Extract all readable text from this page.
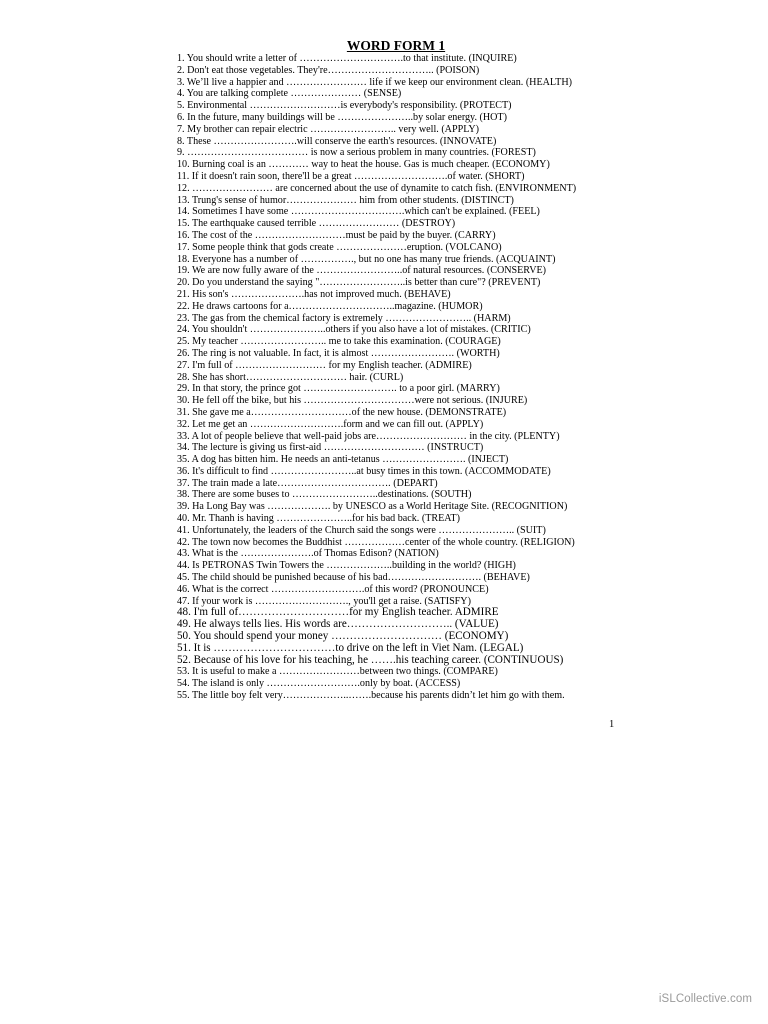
WORD FORM 1
1. You should write a letter of ………………………….to that institute. (INQUIRE)
2. Don't eat those vegetables. They're………………………….. (POISON)
3. We’ll live a happier and …………………… life if we keep our environment clean. (HEALTH)
4. You are talking complete ………………… (SENSE)
5. Environmental ………………………is everybody's responsibility. (PROTECT)
6. In the future, many buildings will be …………………..by solar energy. (HOT)
7. My brother can repair electric …………………….. very well. (APPLY)
8. These …………………….will conserve the earth's resources. (INNOVATE)
9. ……………………………… is now a serious problem in many countries. (FOREST)
10. Burning coal is an ………… way to heat the house. Gas is much cheaper. (ECONOMY)
11. If it doesn't rain soon, there'll be a great ……………………….of water. (SHORT)
12. …………………… are concerned about the use of dynamite to catch fish. (ENVIRONMENT)
13. Trung's sense of humor………………… him from other students. (DISTINCT)
14. Sometimes I have some …………………………….which can't be explained. (FEEL)
15. The earthquake caused terrible …………………… (DESTROY)
16. The cost of the ………………………must be paid by the buyer. (CARRY)
17. Some people think that gods create …………………eruption. (VOLCANO)
18. Everyone has a number of ……………., but no one has many true friends. (ACQUAINT)
19. We are now fully aware of the ……………………..of natural resources. (CONSERVE)
20. Do you understand the saying "……………………..is better than cure"? (PREVENT)
21. His son's ………………….has not improved much. (BEHAVE)
22. He draws cartoons for a…………………………..magazine. (HUMOR)
23. The gas from the chemical factory is extremely …………………….. (HARM)
24. You shouldn't …………………..others if you also have a lot of mistakes. (CRITIC)
25. My teacher …………………….. me to take this examination. (COURAGE)
26. The ring is not valuable. In fact, it is almost ……………………. (WORTH)
27. I'm full of ……………………… for my English teacher. (ADMIRE)
28. She has short………………………… hair. (CURL)
29. In that story, the prince got ………………………. to a poor girl. (MARRY)
30. He fell off the bike, but his ……………………………were not serious. (INJURE)
31. She gave me a…………………………of the new house. (DEMONSTRATE)
32. Let me get an ……………………….form and we can fill out. (APPLY)
33. A lot of people believe that well-paid jobs are……………………… in the city. (PLENTY)
34. The lecture is giving us first-aid ………………………… (INSTRUCT)
35. A dog has bitten him. He needs an anti-tetanus ……………………. (INJECT)
36. It's difficult to find ……………………..at busy times in this town. (ACCOMMODATE)
37. The train made a late……………………………. (DEPART)
38. There are some buses to ……………………..destinations. (SOUTH)
39. Ha Long Bay was ………………. by UNESCO as a World Heritage Site. (RECOGNITION)
40. Mr. Thanh is having …………………..for his bad back. (TREAT)
41. Unfortunately, the leaders of the Church said the songs were ………………….. (SUIT)
42. The town now becomes the Buddhist ………………center of the whole country. (RELIGION)
43. What is the ………………….of Thomas Edison? (NATION)
44. Is PETRONAS Twin Towers the ………………..building in the world? (HIGH)
45. The child should be punished because of his bad………………………. (BEHAVE)
46. What is the correct ……………………….of this word? (PRONOUNCE)
47. If your work is ………………………., you'll get a raise. (SATISFY)
48. I'm full of…………………………for my English teacher. ADMIRE
49. He always tells lies. His words are……………………….. (VALUE)
50. You should spend your money ………………………… (ECONOMY)
51. It is ……………………………to drive on the left in Viet Nam. (LEGAL)
52. Because of his love for his teaching, he …….his teaching career. (CONTINUOUS)
53. It is useful to make a ……………………between two things. (COMPARE)
54. The island is only ……………………….only by boat. (ACCESS)
55. The little boy felt very………………..…….because his parents didn’t let him go with them.
1
iSLCollective.com
